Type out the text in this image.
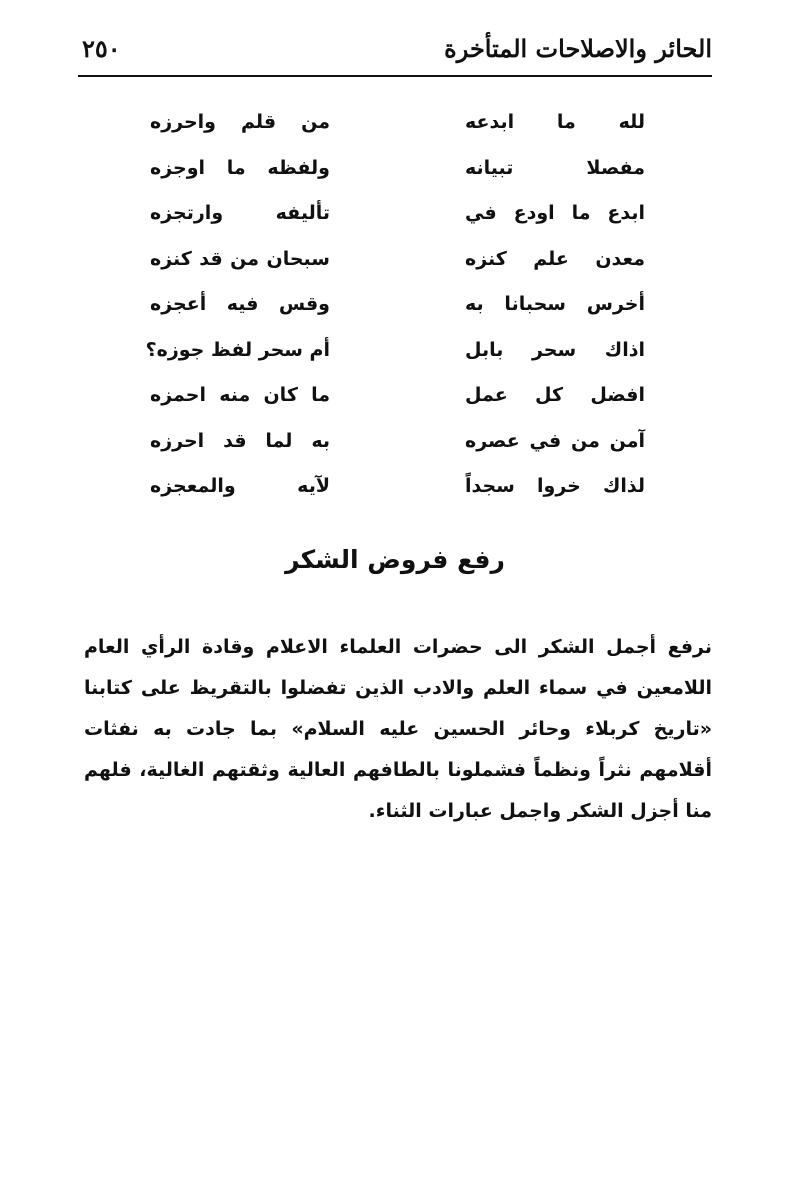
الحائر والاصلاحات المتأخرة
٢٥٠
لله ما ابدعه
من قلم واحرزه
مفصلا تبيانه
ولفظه ما اوجزه
ابدع ما اودع في
تأليفه وارتجزه
معدن علم كنزه
سبحان من قد كنزه
أخرس سحبانا به
وقس فيه أعجزه
اذاك سحر بابل
أم سحر لفظ جوزه؟
افضل كل عمل
ما كان منه احمزه
آمن من في عصره
به لما قد احرزه
لذاك خروا سجداً
لآيه والمعجزه
رفع فروض الشكر

نرفع أجمل الشكر الى حضرات العلماء الاعلام وقادة الرأي العام اللامعين في سماء العلم والادب الذين تفضلوا بالتقريظ على كتابنا «تاريخ كربلاء وحائر الحسين عليه السلام» بما جادت به نفثات أقلامهم نثراً ونظماً فشملونا بالطافهم العالية وثقتهم الغالية، فلهم منا أجزل الشكر واجمل عبارات الثناء.
